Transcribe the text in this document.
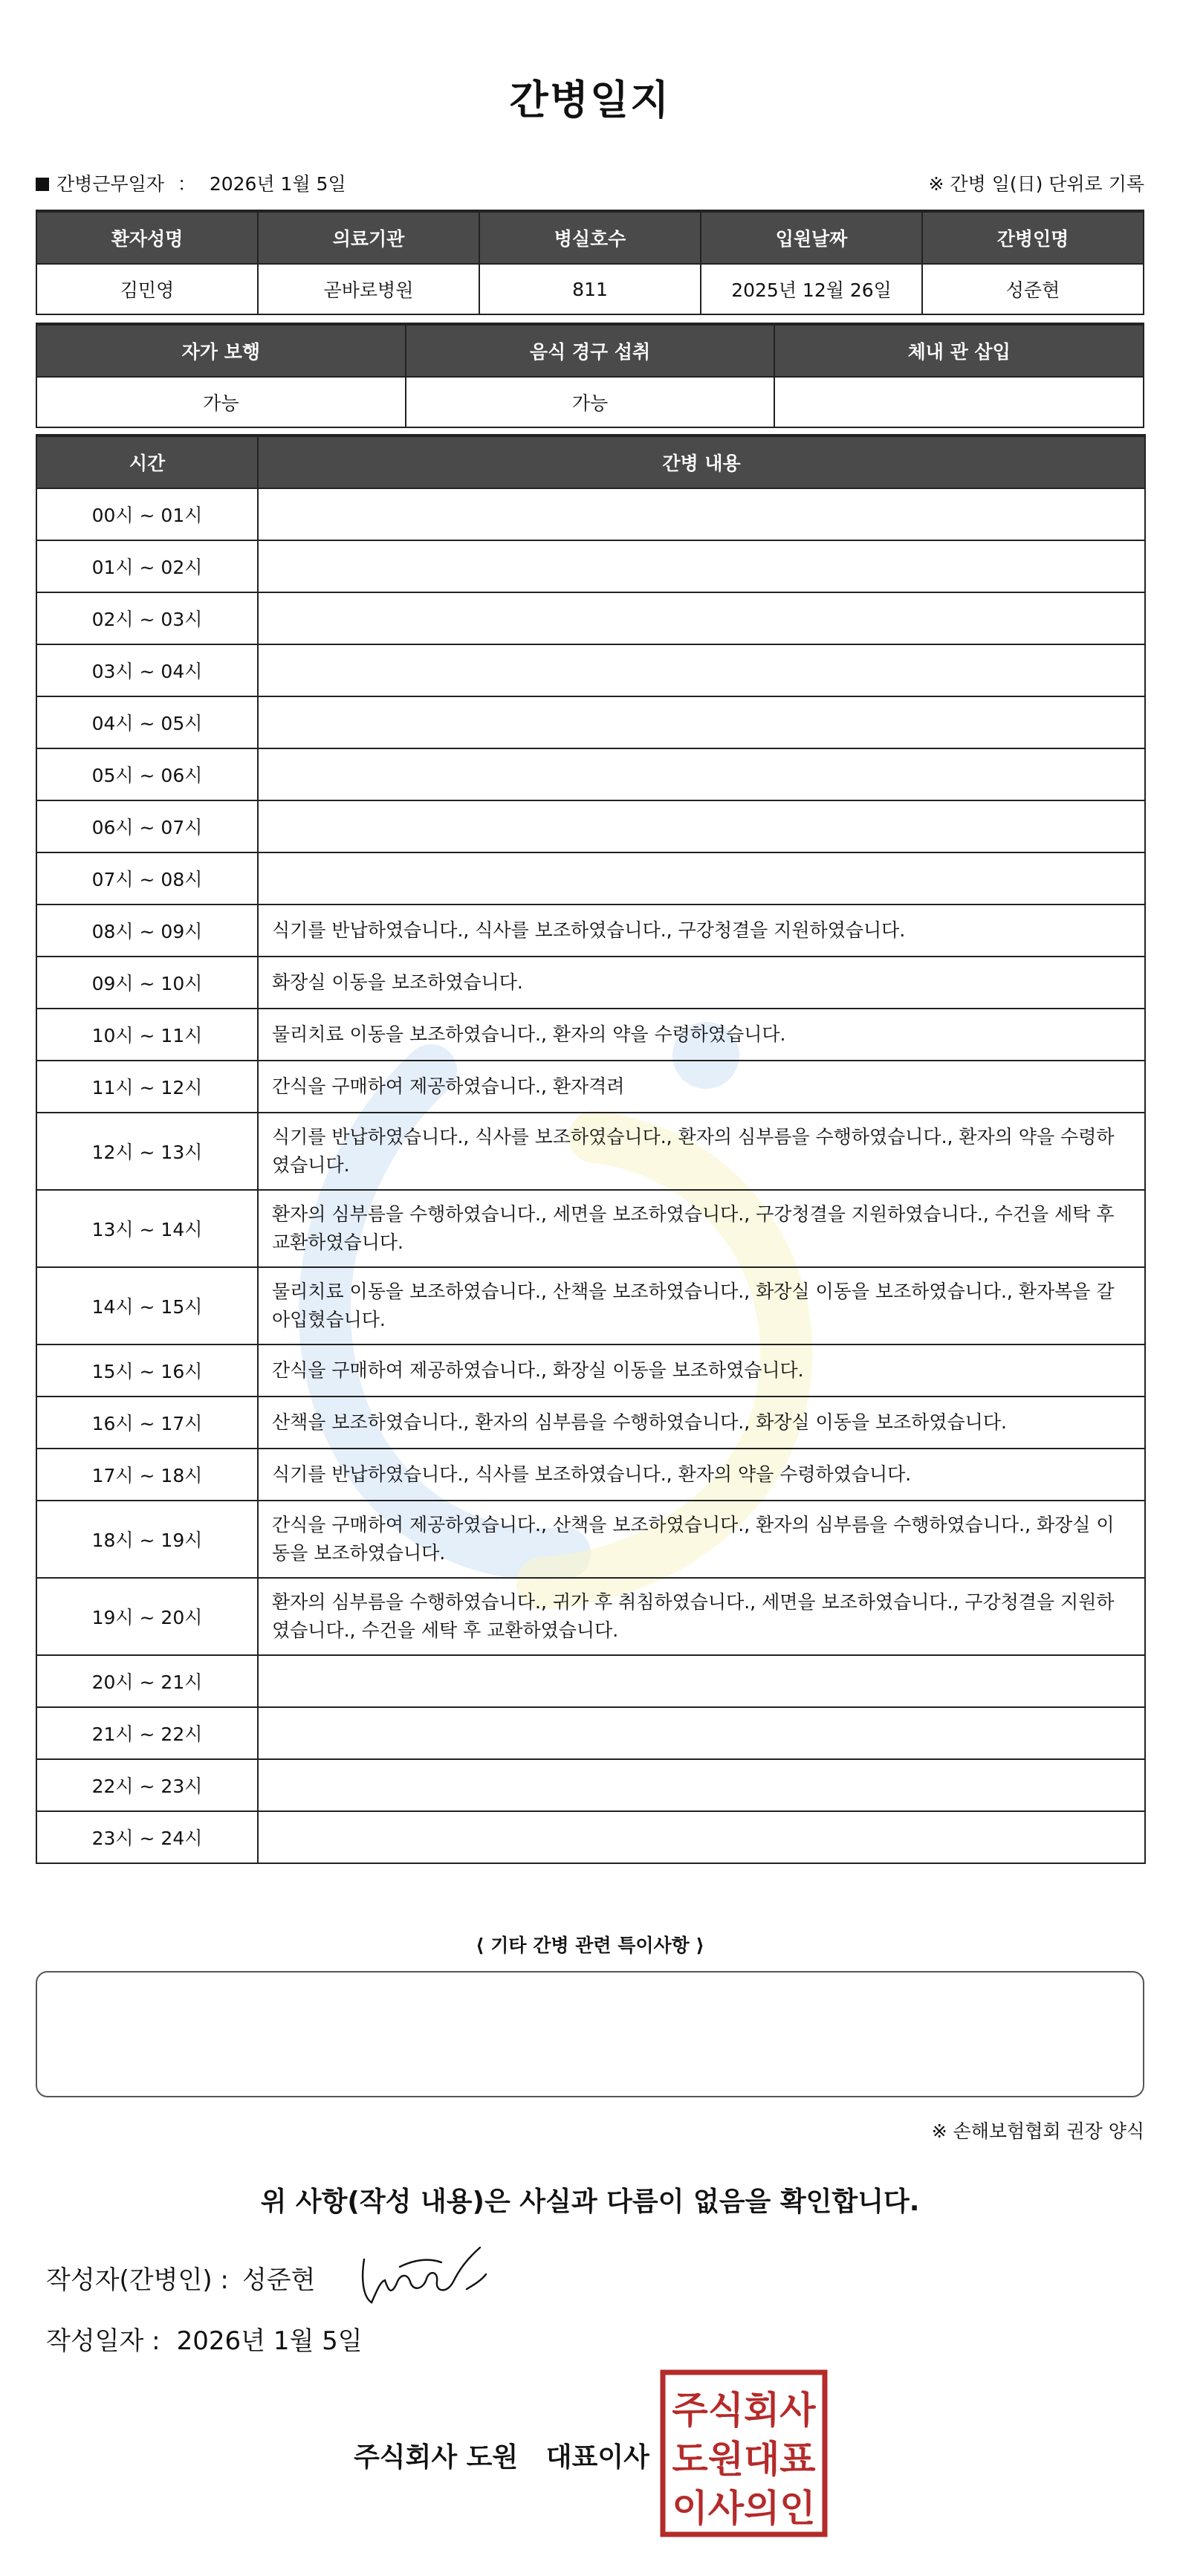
간병일지
간병근무일자 ： 2026년 1월 5일	※ 간병 일(日) 단위로 기록
환자성명	의료기관	병실호수	입원날짜	간병인명
김민영	곧바로병원	811	2025년 12월 26일	성준현
자가 보행	음식 경구 섭취	체내 관 삽입
가능	가능	
시간	간병 내용
00시 ~ 01시	
01시 ~ 02시	
02시 ~ 03시	
03시 ~ 04시	
04시 ~ 05시	
05시 ~ 06시	
06시 ~ 07시	
07시 ~ 08시	
08시 ~ 09시	식기를 반납하였습니다., 식사를 보조하였습니다., 구강청결을 지원하였습니다.
09시 ~ 10시	화장실 이동을 보조하였습니다.
10시 ~ 11시	물리치료 이동을 보조하였습니다., 환자의 약을 수령하였습니다.
11시 ~ 12시	간식을 구매하여 제공하였습니다., 환자격려
12시 ~ 13시	식기를 반납하였습니다., 식사를 보조하였습니다., 환자의 심부름을 수행하였습니다., 환자의 약을 수령하였습니다.
13시 ~ 14시	환자의 심부름을 수행하였습니다., 세면을 보조하였습니다., 구강청결을 지원하였습니다., 수건을 세탁 후 교환하였습니다.
14시 ~ 15시	물리치료 이동을 보조하였습니다., 산책을 보조하였습니다., 화장실 이동을 보조하였습니다., 환자복을 갈아입혔습니다.
15시 ~ 16시	간식을 구매하여 제공하였습니다., 화장실 이동을 보조하였습니다.
16시 ~ 17시	산책을 보조하였습니다., 환자의 심부름을 수행하였습니다., 화장실 이동을 보조하였습니다.
17시 ~ 18시	식기를 반납하였습니다., 식사를 보조하였습니다., 환자의 약을 수령하였습니다.
18시 ~ 19시	간식을 구매하여 제공하였습니다., 산책을 보조하였습니다., 환자의 심부름을 수행하였습니다., 화장실 이동을 보조하였습니다.
19시 ~ 20시	환자의 심부름을 수행하였습니다., 귀가 후 취침하였습니다., 세면을 보조하였습니다., 구강청결을 지원하였습니다., 수건을 세탁 후 교환하였습니다.
20시 ~ 21시	
21시 ~ 22시	
22시 ~ 23시	
23시 ~ 24시	
⟨ 기타 간병 관련 특이사항 ⟩
※ 손해보험협회 권장 양식
위 사항(작성 내용)은 사실과 다름이 없음을 확인합니다.
작성자(간병인) : 성준현
작성일자 : 2026년 1월 5일
주식회사 도원   대표이사
주식회사
도원대표
이사의인
